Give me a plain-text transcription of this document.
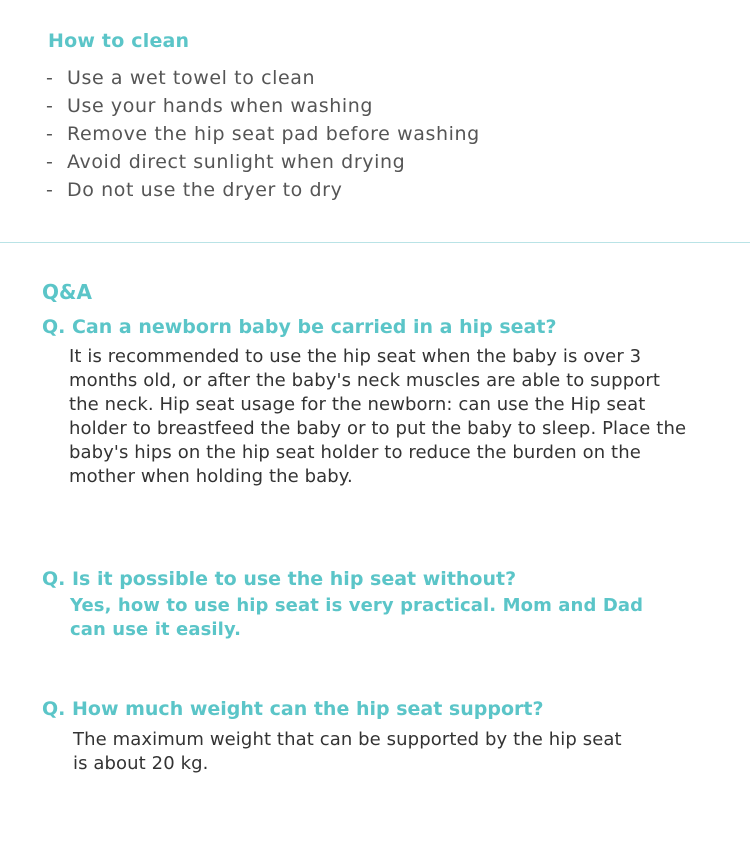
How to clean
- Use a wet towel to clean
- Use your hands when washing
- Remove the hip seat pad before washing
- Avoid direct sunlight when drying
- Do not use the dryer to dry
Q&A
Q. Can a newborn baby be carried in a hip seat?
It is recommended to use the hip seat when the baby is over 3 months old, or after the baby's neck muscles are able to support the neck. Hip seat usage for the newborn: can use the Hip seat holder to breastfeed the baby or to put the baby to sleep. Place the baby's hips on the hip seat holder to reduce the burden on the mother when holding the baby.
Q. Is it possible to use the hip seat without?
Yes, how to use hip seat is very practical. Mom and Dad can use it easily.
Q. How much weight can the hip seat support?
The maximum weight that can be supported by the hip seat is about 20 kg.
